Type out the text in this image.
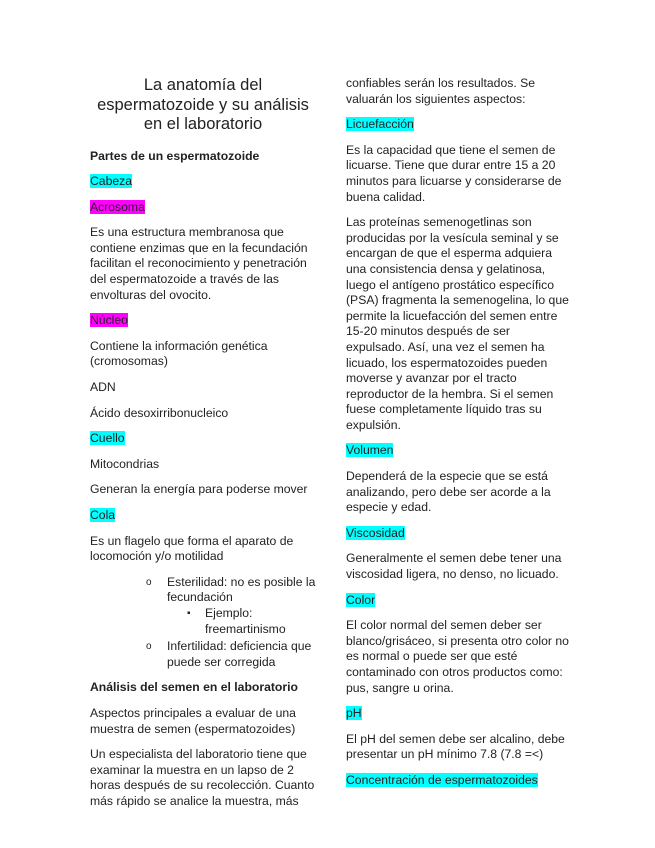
La anatomía del espermatozoide y su análisis en el laboratorio

Partes de un espermatozoide

Cabeza

Acrosoma

Es una estructura membranosa que contiene enzimas que en la fecundación facilitan el reconocimiento y penetración del espermatozoide a través de las envolturas del ovocito.

Núcleo

Contiene la información genética (cromosomas)

ADN

Ácido desoxirribonucleico

Cuello

Mitocondrias

Generan la energía para poderse mover

Cola

Es un flagelo que forma el aparato de locomoción y/o motilidad

o Esterilidad: no es posible la fecundación
▪ Ejemplo: freemartinismo
o Infertilidad: deficiencia que puede ser corregida

Análisis del semen en el laboratorio

Aspectos principales a evaluar de una muestra de semen (espermatozoides)

Un especialista del laboratorio tiene que examinar la muestra en un lapso de 2 horas después de su recolección. Cuanto más rápido se analice la muestra, más

confiables serán los resultados. Se valuarán los siguientes aspectos:

Licuefacción

Es la capacidad que tiene el semen de licuarse. Tiene que durar entre 15 a 20 minutos para licuarse y considerarse de buena calidad.

Las proteínas semenogetlinas son producidas por la vesícula seminal y se encargan de que el esperma adquiera una consistencia densa y gelatinosa, luego el antígeno prostático específico (PSA) fragmenta la semenogelina, lo que permite la licuefacción del semen entre 15-20 minutos después de ser expulsado. Así, una vez el semen ha licuado, los espermatozoides pueden moverse y avanzar por el tracto reproductor de la hembra. Si el semen fuese completamente líquido tras su expulsión.

Volumen

Dependerá de la especie que se está analizando, pero debe ser acorde a la especie y edad.

Viscosidad

Generalmente el semen debe tener una viscosidad ligera, no denso, no licuado.

Color

El color normal del semen deber ser blanco/grisáceo, si presenta otro color no es normal o puede ser que esté contaminado con otros productos como: pus, sangre u orina.

pH

El pH del semen debe ser alcalino, debe presentar un pH mínimo 7.8 (7.8 =<)

Concentración de espermatozoides
